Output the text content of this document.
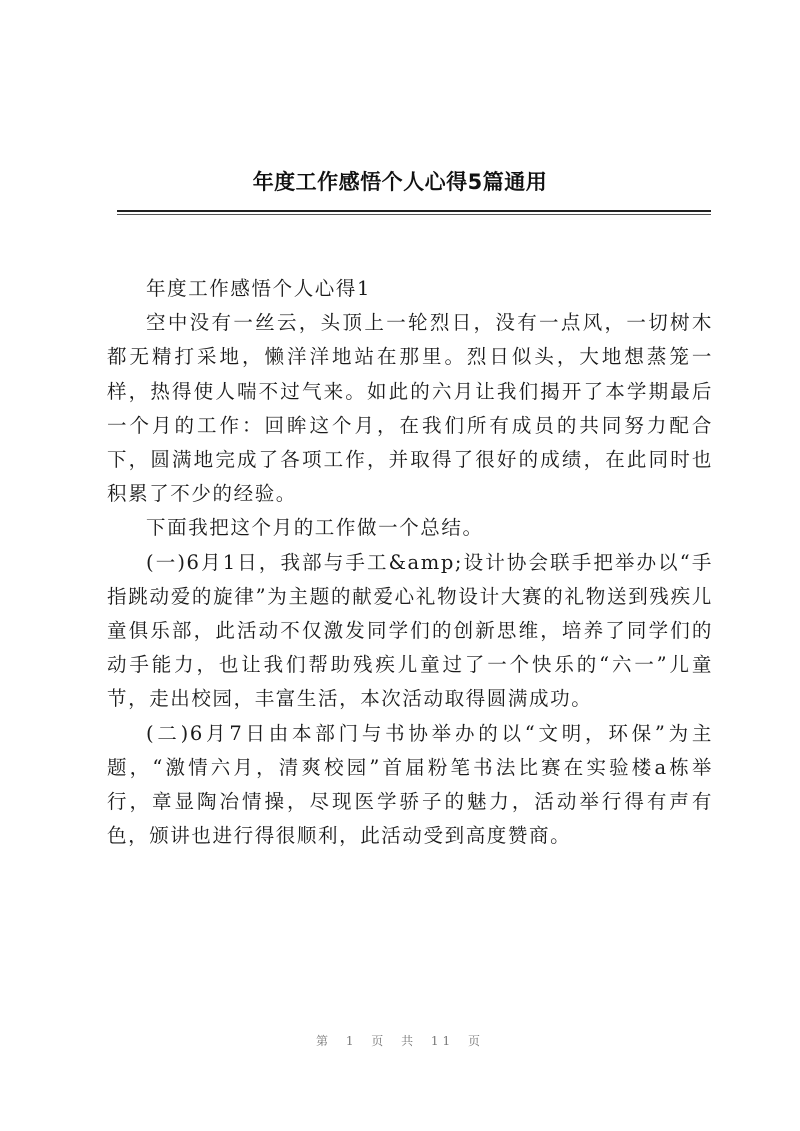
年度工作感悟个人心得5篇通用

年度工作感悟个人心得1

空中没有一丝云，头顶上一轮烈日，没有一点风，一切树木都无精打采地，懒洋洋地站在那里。烈日似头，大地想蒸笼一样，热得使人喘不过气来。如此的六月让我们揭开了本学期最后一个月的工作：回眸这个月，在我们所有成员的共同努力配合下，圆满地完成了各项工作，并取得了很好的成绩，在此同时也积累了不少的经验。

下面我把这个月的工作做一个总结。

(一)6月1日，我部与手工&amp;设计协会联手把举办以“手指跳动爱的旋律”为主题的献爱心礼物设计大赛的礼物送到残疾儿童俱乐部，此活动不仅激发同学们的创新思维，培养了同学们的动手能力，也让我们帮助残疾儿童过了一个快乐的“六一”儿童节，走出校园，丰富生活，本次活动取得圆满成功。

(二)6月7日由本部门与书协举办的以“文明，环保”为主题，“激情六月，清爽校园”首届粉笔书法比赛在实验楼a栋举行，章显陶冶情操，尽现医学骄子的魅力，活动举行得有声有色，颁讲也进行得很顺利，此活动受到高度赞商。

第 1 页 共 11 页
